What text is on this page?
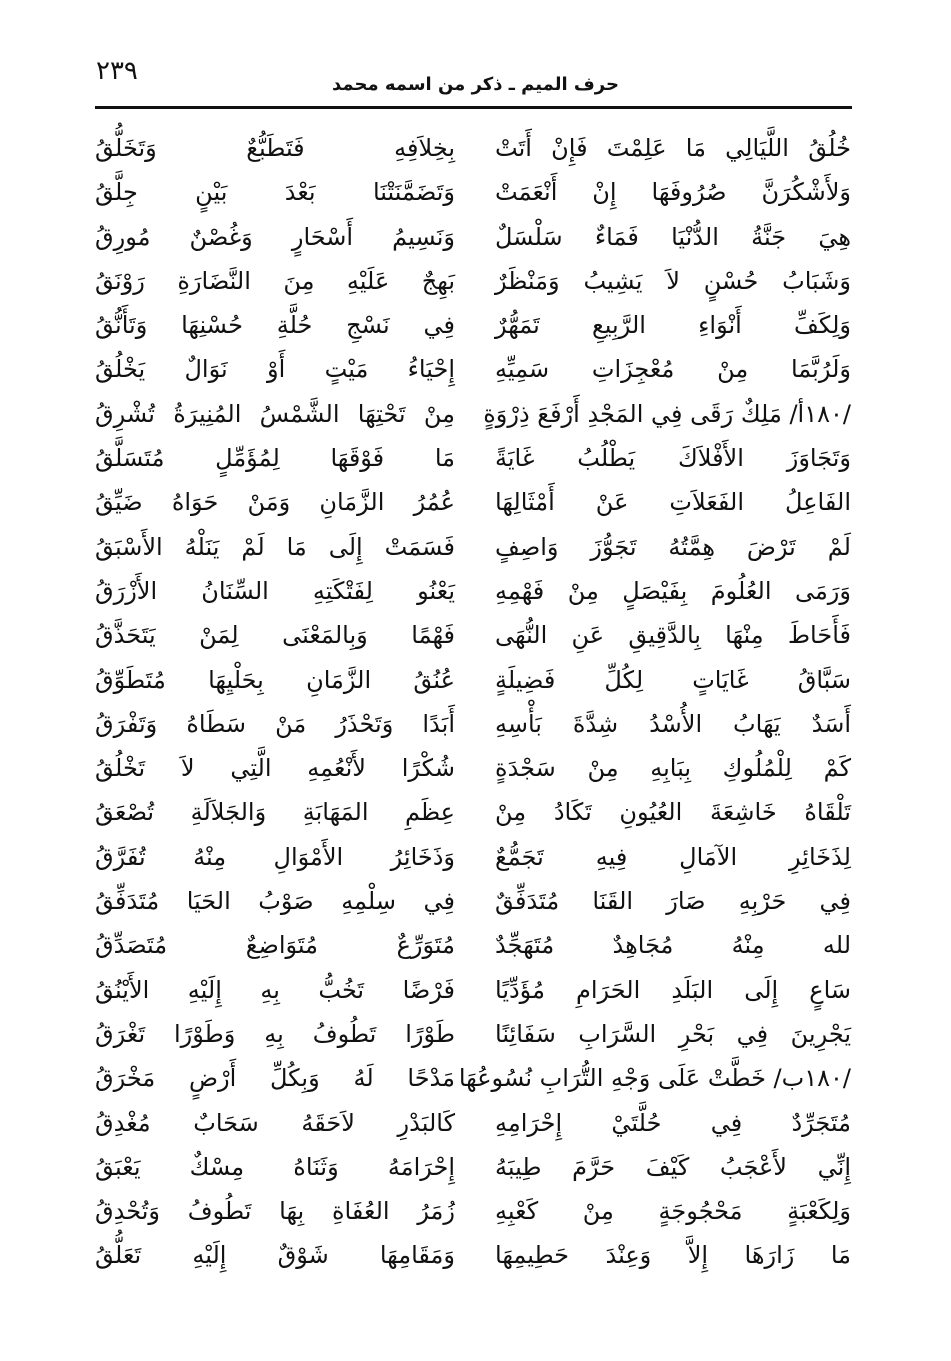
٢٣٩	حرف الميم ـ ذكر من اسمه محمد
خُلُقُ اللَّيَالِي مَا عَلِمْتَ فَإِنْ أَتَتْ
وَلأَشْكُرَنَّ صُرُوفَهَا إِنْ أَنْعَمَتْ
هِيَ جَنَّةُ الدُّنْيَا فَمَاءٌ سَلْسَلٌ
وَشَبَابُ حُسْنٍ لاَ يَشِيبُ وَمَنْظَرٌ
وَلِكَفِّ أَنْوَاءِ الرَّبِيعِ تَمَهُّرٌ
وَلَرُبَّمَا مِنْ مُعْجِزَاتِ سَمِيِّهِ
/١٨٠أ/ مَلِكٌ رَقَى فِي المَجْدِ أَرْفَعَ ذِرْوَةٍ
وَتَجَاوَزَ الأَفْلاَكَ يَطْلُبُ غَايَةً
الفَاعِلُ الفَعَلاَتِ عَنْ أَمْثَالِهَا
لَمْ تَرْضَ هِمَّتُهُ تَجَوُّزَ وَاصِفٍ
وَرَمَى العُلُومَ بِفَيْصَلٍ مِنْ فَهْمِهِ
فَأَحَاطَ مِنْهَا بِالدَّقِيقِ عَنِ النُّهَى
سَبَّاقُ غَايَاتٍ لِكُلِّ فَضِيلَةٍ
أَسَدٌ يَهَابُ الأُسْدُ شِدَّةَ بَأْسِهِ
كَمْ لِلْمُلُوكِ بِبَابِهِ مِنْ سَجْدَةٍ
تَلْقَاهُ خَاشِعَةَ العُيُونِ تَكَادُ مِنْ
لِذَخَائِرِ الآمَالِ فِيهِ تَجَمُّعٌ
فِي حَرْبِهِ صَارَ القَنَا مُتَدَفِّقٌ
لله مِنْهُ مُجَاهِدٌ مُتَهَجِّدٌ
سَاعٍ إِلَى البَلَدِ الحَرَامِ مُؤَدِّيًا
يَجْرِينَ فِي بَحْرِ السَّرَابِ سَفَائِنًا
/١٨٠ب/ خَطَّتْ عَلَى وَجْهِ التُّرَابِ نُسُوعُهَا
مُتَجَرِّدٌ فِي حُلَّتَيْ إِحْرَامِهِ
إِنِّي لأَعْجَبُ كَيْفَ حَرَّمَ طِيبَهُ
وَلِكَعْبَةٍ مَحْجُوجَةٍ مِنْ كَعْبِهِ
مَا زَارَهَا إِلاَّ وَعِنْدَ حَطِيمِهَا
بِخِلاَفِهِ فَتَطَبُّعٌ وَتَخَلُّقُ
وَتَضَمَّنَتْنَا بَعْدَ بَيْنٍ جِلَّقُ
وَنَسِيمُ أَسْحَارٍ وَغُصْنٌ مُورِقُ
بَهِجٌ عَلَيْهِ مِنَ النَّضَارَةِ رَوْنَقُ
فِي نَسْجِ حُلَّةِ حُسْنِهَا وَتَأَنُّقُ
إِحْيَاءُ مَيْتٍ أَوْ نَوَالٌ يَخْلُقُ
مِنْ تَحْتِهَا الشَّمْسُ المُنِيرَةُ تُشْرِقُ
مَا فَوْقَهَا لِمُؤَمِّلٍ مُتَسَلَّقُ
عُمُرُ الزَّمَانِ وَمَنْ حَوَاهُ ضَيِّقُ
فَسَمَتْ إِلَى مَا لَمْ يَنَلْهُ الأَسْبَقُ
يَعْنُو لِفَتْكَتِهِ السِّنَانُ الأَزْرَقُ
فَهْمًا وَبِالمَعْنَى لِمَنْ يَتَحَذَّقُ
عُنُقُ الزَّمَانِ بِحَلْيِهَا مُتَطَوِّقُ
أَبَدًا وَتَحْذَرُ مَنْ سَطَاهُ وَتَفْرَقُ
شُكْرًا لأَنْعُمِهِ الَّتِي لاَ تَخْلُقُ
عِظَمِ المَهَابَةِ وَالجَلاَلَةِ تُصْعَقُ
وَذَخَائِرُ الأَمْوَالِ مِنْهُ تُفَرَّقُ
فِي سِلْمِهِ صَوْبُ الحَيَا مُتَدَفِّقُ
مُتَوَرِّعٌ مُتَوَاضِعٌ مُتَصَدِّقُ
فَرْضًا تَخُبُّ بِهِ إِلَيْهِ الأَيْنُقُ
طَوْرًا تَطُوفُ بِهِ وَطَوْرًا تَغْرَقُ
مَدْحًا لَهُ وَبِكُلِّ أَرْضٍ مَخْرَقُ
كَالبَدْرِ لاَحَقَهُ سَحَابٌ مُغْدِقُ
إِحْرَامَهُ وَثَنَاهُ مِسْكٌ يَعْبَقُ
زُمَرُ العُفَاةِ بِهَا تَطُوفُ وَتُحْدِقُ
وَمَقَامِهَا شَوْقٌ إِلَيْهِ تَعَلُّقُ
